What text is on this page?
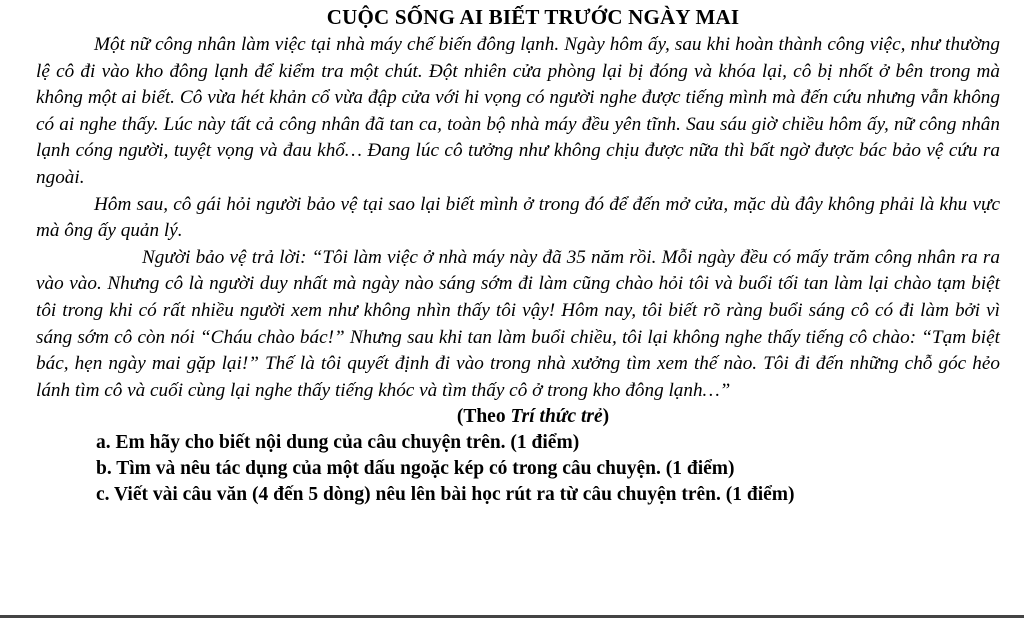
CUỘC SỐNG AI BIẾT TRƯỚC NGÀY MAI

Một nữ công nhân làm việc tại nhà máy chế biến đông lạnh. Ngày hôm ấy, sau khi hoàn thành công việc, như thường lệ cô đi vào kho đông lạnh để kiểm tra một chút. Đột nhiên cửa phòng lại bị đóng và khóa lại, cô bị nhốt ở bên trong mà không một ai biết. Cô vừa hét khản cổ vừa đập cửa với hi vọng có người nghe được tiếng mình mà đến cứu nhưng vẫn không có ai nghe thấy. Lúc này tất cả công nhân đã tan ca, toàn bộ nhà máy đều yên tĩnh. Sau sáu giờ chiều hôm ấy, nữ công nhân lạnh cóng người, tuyệt vọng và đau khổ… Đang lúc cô tưởng như không chịu được nữa thì bất ngờ được bác bảo vệ cứu ra ngoài.

Hôm sau, cô gái hỏi người bảo vệ tại sao lại biết mình ở trong đó để đến mở cửa, mặc dù đây không phải là khu vực mà ông ấy quản lý.

Người bảo vệ trả lời: “Tôi làm việc ở nhà máy này đã 35 năm rồi. Mỗi ngày đều có mấy trăm công nhân ra ra vào vào. Nhưng cô là người duy nhất mà ngày nào sáng sớm đi làm cũng chào hỏi tôi và buổi tối tan làm lại chào tạm biệt tôi trong khi có rất nhiều người xem như không nhìn thấy tôi vậy! Hôm nay, tôi biết rõ ràng buổi sáng cô có đi làm bởi vì sáng sớm cô còn nói “Cháu chào bác!” Nhưng sau khi tan làm buổi chiều, tôi lại không nghe thấy tiếng cô chào: “Tạm biệt bác, hẹn ngày mai gặp lại!” Thế là tôi quyết định đi vào trong nhà xưởng tìm xem thế nào. Tôi đi đến những chỗ góc hẻo lánh tìm cô và cuối cùng lại nghe thấy tiếng khóc và tìm thấy cô ở trong kho đông lạnh…”

(Theo Trí thức trẻ)

a. Em hãy cho biết nội dung của câu chuyện trên. (1 điểm)

b. Tìm và nêu tác dụng của một dấu ngoặc kép có trong câu chuyện. (1 điểm)

c. Viết vài câu văn (4 đến 5 dòng) nêu lên bài học rút ra từ câu chuyện trên. (1 điểm)
